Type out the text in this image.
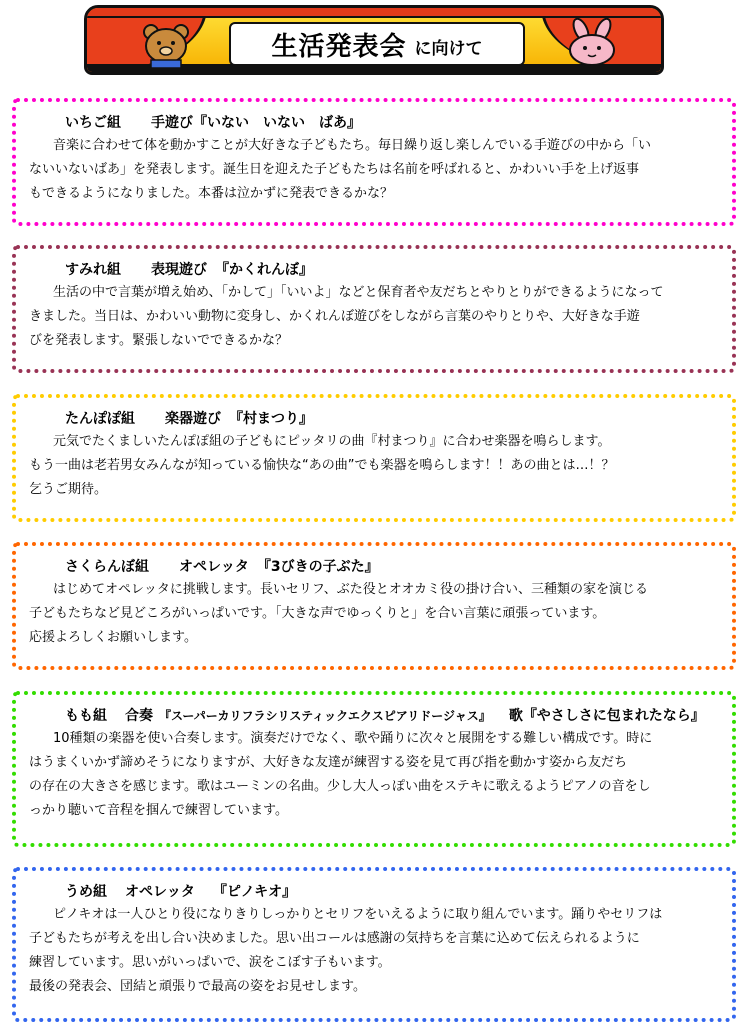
生活発表会 に向けて
いちご組 手遊び『いない　いない　ばあ』
音楽に合わせて体を動かすことが大好きな子どもたち。毎日繰り返し楽しんでいる手遊びの中から「い
ないいないばあ」を発表します。誕生日を迎えた子どもたちは名前を呼ばれると、かわいい手を上げ返事
もできるようになりました。本番は泣かずに発表できるかな？
すみれ組 表現遊び 『かくれんぼ』
生活の中で言葉が増え始め、「かして」「いいよ」などと保育者や友だちとやりとりができるようになって
きました。当日は、かわいい動物に変身し、かくれんぼ遊びをしながら言葉のやりとりや、大好きな手遊
びを発表します。緊張しないでできるかな？
たんぽぽ組 楽器遊び 『村まつり』
元気でたくましいたんぽぽ組の子どもにピッタリの曲『村まつり』に合わせ楽器を鳴らします。
もう一曲は老若男女みんなが知っている愉快な“あの曲”でも楽器を鳴らします！！あの曲とは…！？
乞うご期待。
さくらんぼ組 オペレッタ 『3びきの子ぶた』
はじめてオペレッタに挑戦します。長いセリフ、ぶた役とオオカミ役の掛け合い、三種類の家を演じる
子どもたちなど見どころがいっぱいです。「大きな声でゆっくりと」を合い言葉に頑張っています。
応援よろしくお願いします。
もも組 合奏 『スーパーカリフラシリスティックエクスピアリドージャス』 歌『やさしさに包まれたなら』
10種類の楽器を使い合奏します。演奏だけでなく、歌や踊りに次々と展開をする難しい構成です。時に
はうまくいかず諦めそうになりますが、大好きな友達が練習する姿を見て再び指を動かす姿から友だち
の存在の大きさを感じます。歌はユーミンの名曲。少し大人っぽい曲をステキに歌えるようピアノの音をし
っかり聴いて音程を掴んで練習しています。
うめ組 オペレッタ 『ピノキオ』
ピノキオは一人ひとり役になりきりしっかりとセリフをいえるように取り組んでいます。踊りやセリフは
子どもたちが考えを出し合い決めました。思い出コールは感謝の気持ちを言葉に込めて伝えられるように
練習しています。思いがいっぱいで、涙をこぼす子もいます。
最後の発表会、団結と頑張りで最高の姿をお見せします。
